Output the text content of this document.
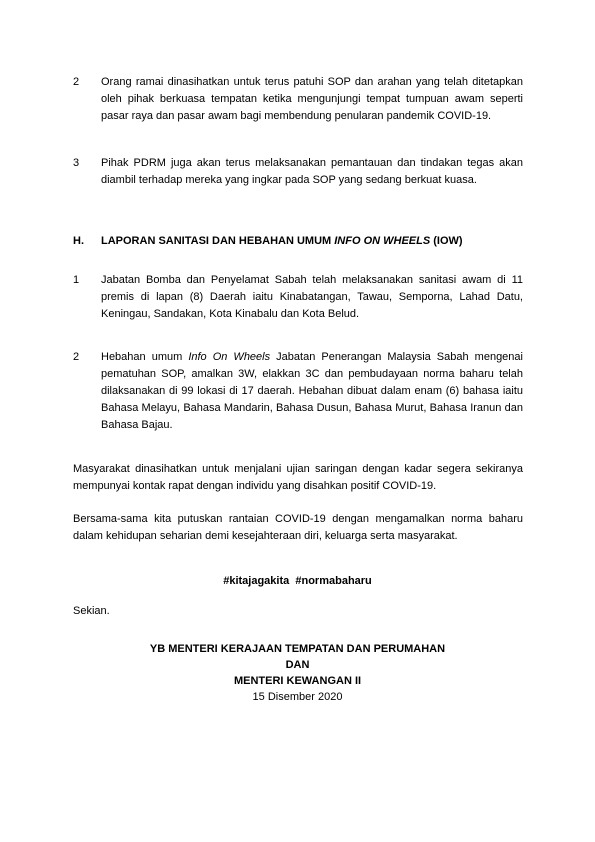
2	Orang ramai dinasihatkan untuk terus patuhi SOP dan arahan yang telah ditetapkan oleh pihak berkuasa tempatan ketika mengunjungi tempat tumpuan awam seperti pasar raya dan pasar awam bagi membendung penularan pandemik COVID-19.

3	Pihak PDRM juga akan terus melaksanakan pemantauan dan tindakan tegas akan diambil terhadap mereka yang ingkar pada SOP yang sedang berkuat kuasa.

H. LAPORAN SANITASI DAN HEBAHAN UMUM INFO ON WHEELS (IOW)
1	Jabatan Bomba dan Penyelamat Sabah telah melaksanakan sanitasi awam di 11 premis di lapan (8) Daerah iaitu Kinabatangan, Tawau, Semporna, Lahad Datu, Keningau, Sandakan, Kota Kinabalu dan Kota Belud.

2	Hebahan umum Info On Wheels Jabatan Penerangan Malaysia Sabah mengenai pematuhan SOP, amalkan 3W, elakkan 3C dan pembudayaan norma baharu telah dilaksanakan di 99 lokasi di 17 daerah. Hebahan dibuat dalam enam (6) bahasa iaitu Bahasa Melayu, Bahasa Mandarin, Bahasa Dusun, Bahasa Murut, Bahasa Iranun dan Bahasa Bajau.

Masyarakat dinasihatkan untuk menjalani ujian saringan dengan kadar segera sekiranya mempunyai kontak rapat dengan individu yang disahkan positif COVID-19.

Bersama-sama kita putuskan rantaian COVID-19 dengan mengamalkan norma baharu dalam kehidupan seharian demi kesejahteraan diri, keluarga serta masyarakat.

#kitajagakita  #normabaharu
Sekian.
YB MENTERI KERAJAAN TEMPATAN DAN PERUMAHAN
DAN
MENTERI KEWANGAN II
15 Disember 2020
